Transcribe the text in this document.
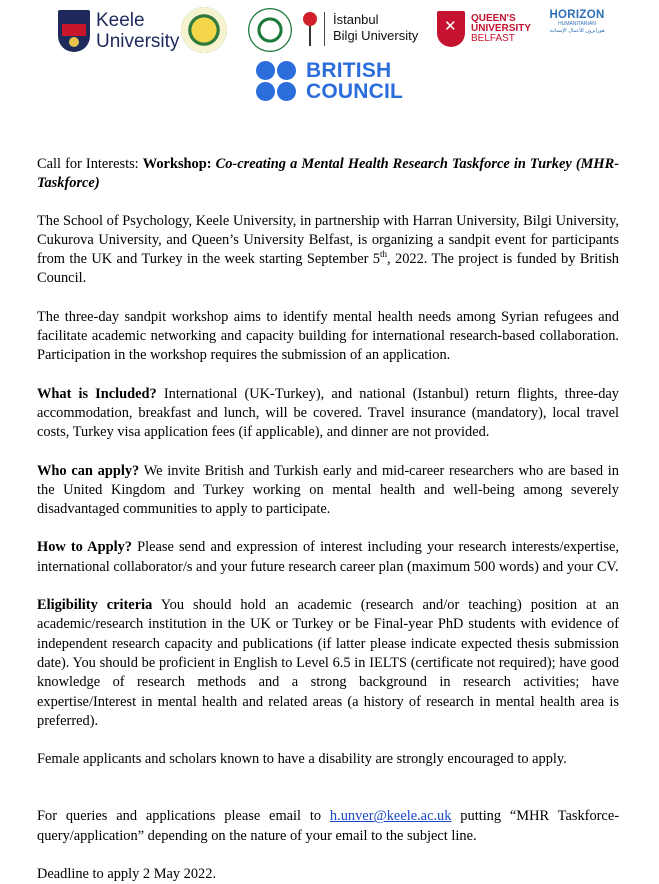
Keele
University
İstanbul
Bilgi University
✕
QUEEN'S
UNIVERSITY
BELFAST
HORIZON
HUMANITARIAN
هورايزون للأعمال الإنسانية
BRITISH
COUNCIL

Call for Interests: Workshop: Co-creating a Mental Health Research Taskforce in Turkey (MHR-Taskforce)

The School of Psychology, Keele University, in partnership with Harran University, Bilgi University, Cukurova University, and Queen’s University Belfast, is organizing a sandpit event for participants from the UK and Turkey in the week starting September 5th, 2022. The project is funded by British Council.

The three-day sandpit workshop aims to identify mental health needs among Syrian refugees and facilitate academic networking and capacity building for international research-based collaboration. Participation in the workshop requires the submission of an application.

What is Included? International (UK-Turkey), and national (Istanbul) return flights, three-day accommodation, breakfast and lunch, will be covered. Travel insurance (mandatory), local travel costs, Turkey visa application fees (if applicable), and dinner are not provided.

Who can apply? We invite British and Turkish early and mid-career researchers who are based in the United Kingdom and Turkey working on mental health and well-being among severely disadvantaged communities to apply to participate.

How to Apply? Please send and expression of interest including your research interests/expertise, international collaborator/s and your future research career plan (maximum 500 words) and your CV.

Eligibility criteria You should hold an academic (research and/or teaching) position at an academic/research institution in the UK or Turkey or be Final-year PhD students with evidence of independent research capacity and publications (if latter please indicate expected thesis submission date). You should be proficient in English to Level 6.5 in IELTS (certificate not required); have good knowledge of research methods and a strong background in research activities; have expertise/Interest in mental health and related areas (a history of research in mental health area is preferred).

Female applicants and scholars known to have a disability are strongly encouraged to apply.

For queries and applications please email to h.unver@keele.ac.uk putting “MHR Taskforce-query/application” depending on the nature of your email to the subject line.

Deadline to apply 2 May 2022.
